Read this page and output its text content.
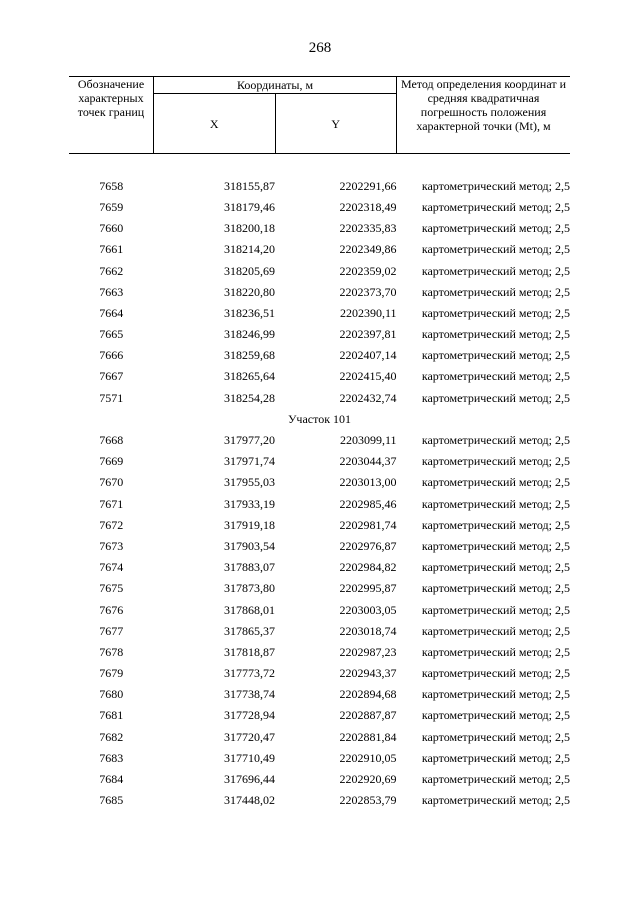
268
Обозначение характерных точек границ	Координаты, м		Метод определения координат и средняя квадратичная погрешность положения характерной точки (Mt), м
	X	Y	

7658	318155,87	2202291,66	картометрический метод; 2,5
7659	318179,46	2202318,49	картометрический метод; 2,5
7660	318200,18	2202335,83	картометрический метод; 2,5
7661	318214,20	2202349,86	картометрический метод; 2,5
7662	318205,69	2202359,02	картометрический метод; 2,5
7663	318220,80	2202373,70	картометрический метод; 2,5
7664	318236,51	2202390,11	картометрический метод; 2,5
7665	318246,99	2202397,81	картометрический метод; 2,5
7666	318259,68	2202407,14	картометрический метод; 2,5
7667	318265,64	2202415,40	картометрический метод; 2,5
7571	318254,28	2202432,74	картометрический метод; 2,5
Участок 101			
7668	317977,20	2203099,11	картометрический метод; 2,5
7669	317971,74	2203044,37	картометрический метод; 2,5
7670	317955,03	2203013,00	картометрический метод; 2,5
7671	317933,19	2202985,46	картометрический метод; 2,5
7672	317919,18	2202981,74	картометрический метод; 2,5
7673	317903,54	2202976,87	картометрический метод; 2,5
7674	317883,07	2202984,82	картометрический метод; 2,5
7675	317873,80	2202995,87	картометрический метод; 2,5
7676	317868,01	2203003,05	картометрический метод; 2,5
7677	317865,37	2203018,74	картометрический метод; 2,5
7678	317818,87	2202987,23	картометрический метод; 2,5
7679	317773,72	2202943,37	картометрический метод; 2,5
7680	317738,74	2202894,68	картометрический метод; 2,5
7681	317728,94	2202887,87	картометрический метод; 2,5
7682	317720,47	2202881,84	картометрический метод; 2,5
7683	317710,49	2202910,05	картометрический метод; 2,5
7684	317696,44	2202920,69	картометрический метод; 2,5
7685	317448,02	2202853,79	картометрический метод; 2,5
